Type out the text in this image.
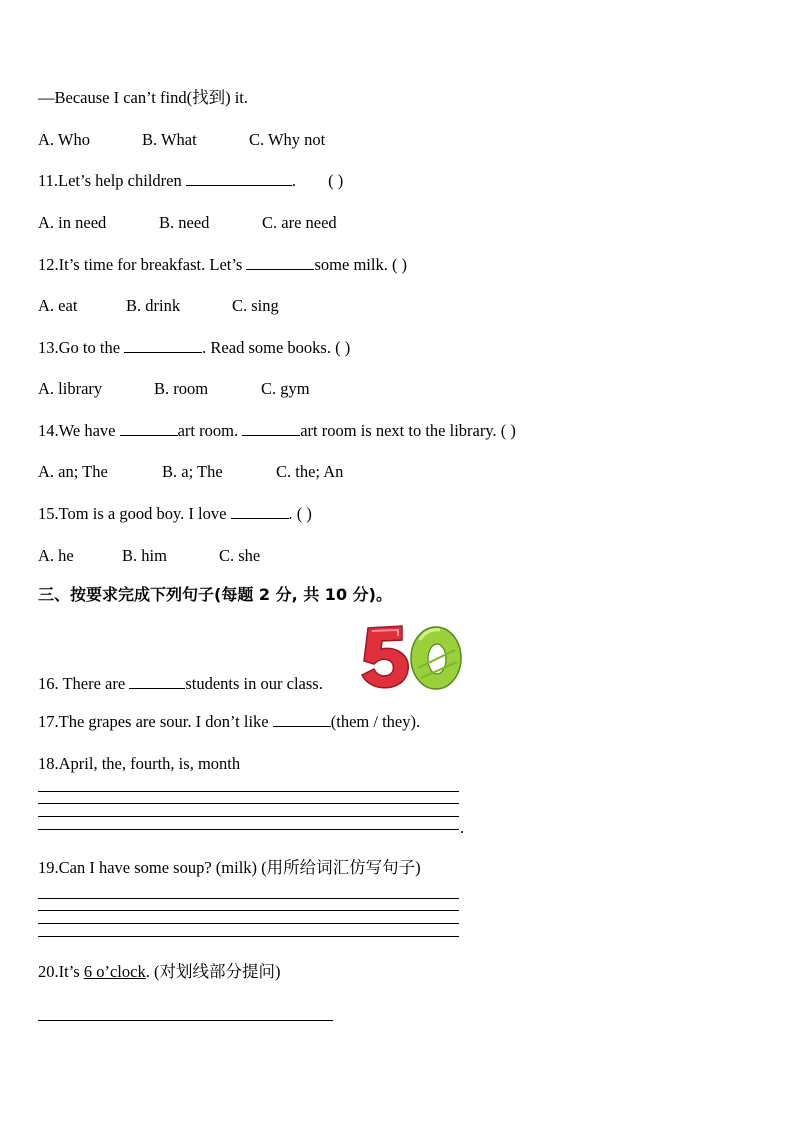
—Because I can’t find(找到) it.
A. Who	B. What	C. Why not
11.Let’s help children	. ( )
A. in need	B. need	C. are need
12.It’s time for breakfast. Let’s	some milk. ( )
A. eat	B. drink	C. sing
13.Go to the	. Read some books. ( )
A. library	B. room	C. gym
14.We have	art room.	art room is next to the library. ( )
A. an; The	B. a; The	C. the; An
15.Tom is a good boy. I love	. ( )
A. he	B. him	C. she
三、按要求完成下列句子(每题 2 分, 共 10 分)。
16. There are	students in our class.
17.The grapes are sour. I don’t like	(them / they).
18.April, the, fourth, is, month
.
19.Can I have some soup? (milk) (用所给词汇仿写句子)
20.It’s 6 o’clock. (对划线部分提问)
